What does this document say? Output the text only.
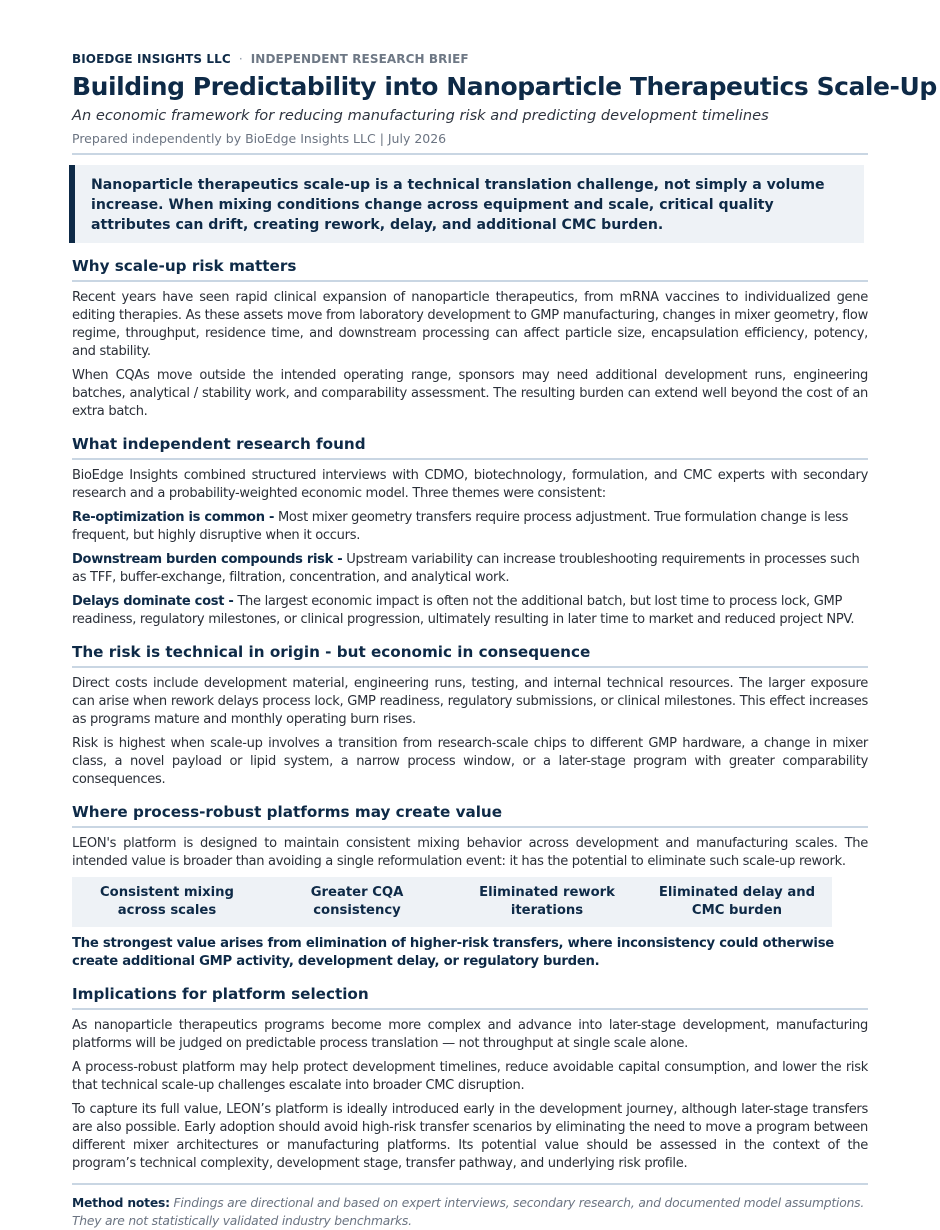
BIOEDGE INSIGHTS LLC · INDEPENDENT RESEARCH BRIEF
Building Predictability into Nanoparticle Therapeutics Scale-Up
An economic framework for reducing manufacturing risk and predicting development timelines
Prepared independently by BioEdge Insights LLC | July 2026
Nanoparticle therapeutics scale-up is a technical translation challenge, not simply a volume increase. When mixing conditions change across equipment and scale, critical quality attributes can drift, creating rework, delay, and additional CMC burden.
Why scale-up risk matters

Recent years have seen rapid clinical expansion of nanoparticle therapeutics, from mRNA vaccines to individualized gene editing therapies. As these assets move from laboratory development to GMP manufacturing, changes in mixer geometry, flow regime, throughput, residence time, and downstream processing can affect particle size, encapsulation efficiency, potency, and stability.

When CQAs move outside the intended operating range, sponsors may need additional development runs, engineering batches, analytical / stability work, and comparability assessment. The resulting burden can extend well beyond the cost of an extra batch.

What independent research found

BioEdge Insights combined structured interviews with CDMO, biotechnology, formulation, and CMC experts with secondary research and a probability-weighted economic model. Three themes were consistent:

Re-optimization is common - Most mixer geometry transfers require process adjustment. True formulation change is less frequent, but highly disruptive when it occurs.

Downstream burden compounds risk - Upstream variability can increase troubleshooting requirements in processes such as TFF, buffer-exchange, filtration, concentration, and analytical work.

Delays dominate cost - The largest economic impact is often not the additional batch, but lost time to process lock, GMP readiness, regulatory milestones, or clinical progression, ultimately resulting in later time to market and reduced project NPV.

The risk is technical in origin - but economic in consequence

Direct costs include development material, engineering runs, testing, and internal technical resources. The larger exposure can arise when rework delays process lock, GMP readiness, regulatory submissions, or clinical milestones. This effect increases as programs mature and monthly operating burn rises.

Risk is highest when scale-up involves a transition from research-scale chips to different GMP hardware, a change in mixer class, a novel payload or lipid system, a narrow process window, or a later-stage program with greater comparability consequences.

Where process-robust platforms may create value

LEON's platform is designed to maintain consistent mixing behavior across development and manufacturing scales. The intended value is broader than avoiding a single reformulation event: it has the potential to eliminate such scale-up rework.

Consistent mixing
across scales
Greater CQA
consistency
Eliminated rework
iterations
Eliminated delay and
CMC burden
The strongest value arises from elimination of higher-risk transfers, where inconsistency could otherwise create additional GMP activity, development delay, or regulatory burden.
Implications for platform selection

As nanoparticle therapeutics programs become more complex and advance into later-stage development, manufacturing platforms will be judged on predictable process translation — not throughput at single scale alone.

A process-robust platform may help protect development timelines, reduce avoidable capital consumption, and lower the risk that technical scale-up challenges escalate into broader CMC disruption.

To capture its full value, LEON’s platform is ideally introduced early in the development journey, although later-stage transfers are also possible. Early adoption should avoid high-risk transfer scenarios by eliminating the need to move a program between different mixer architectures or manufacturing platforms. Its potential value should be assessed in the context of the program’s technical complexity, development stage, transfer pathway, and underlying risk profile.

Method notes: Findings are directional and based on expert interviews, secondary research, and documented model assumptions. They are not statistically validated industry benchmarks.
